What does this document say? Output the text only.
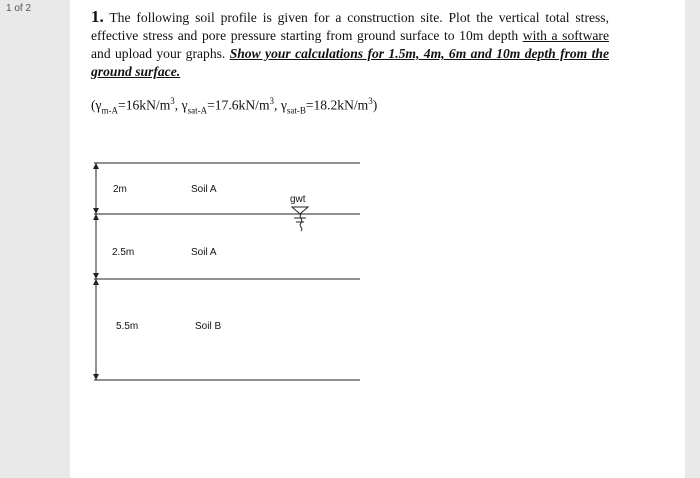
1 of 2	1. The following soil profile is given for a construction site. Plot the vertical total stress, effective stress and pore pressure starting from ground surface to 10m depth with a software and upload your graphs. Show your calculations for 1.5m, 4m, 6m and 10m depth from the ground surface.
($\gamma_{m-A}=16kN/m^3$, $\gamma_{sat-A}=17.6kN/m^3$, $\gamma_{sat-B}=18.2kN/m^3$)
2m	Soil A
2.5m	Soil A
5.5m	Soil B
gwt
